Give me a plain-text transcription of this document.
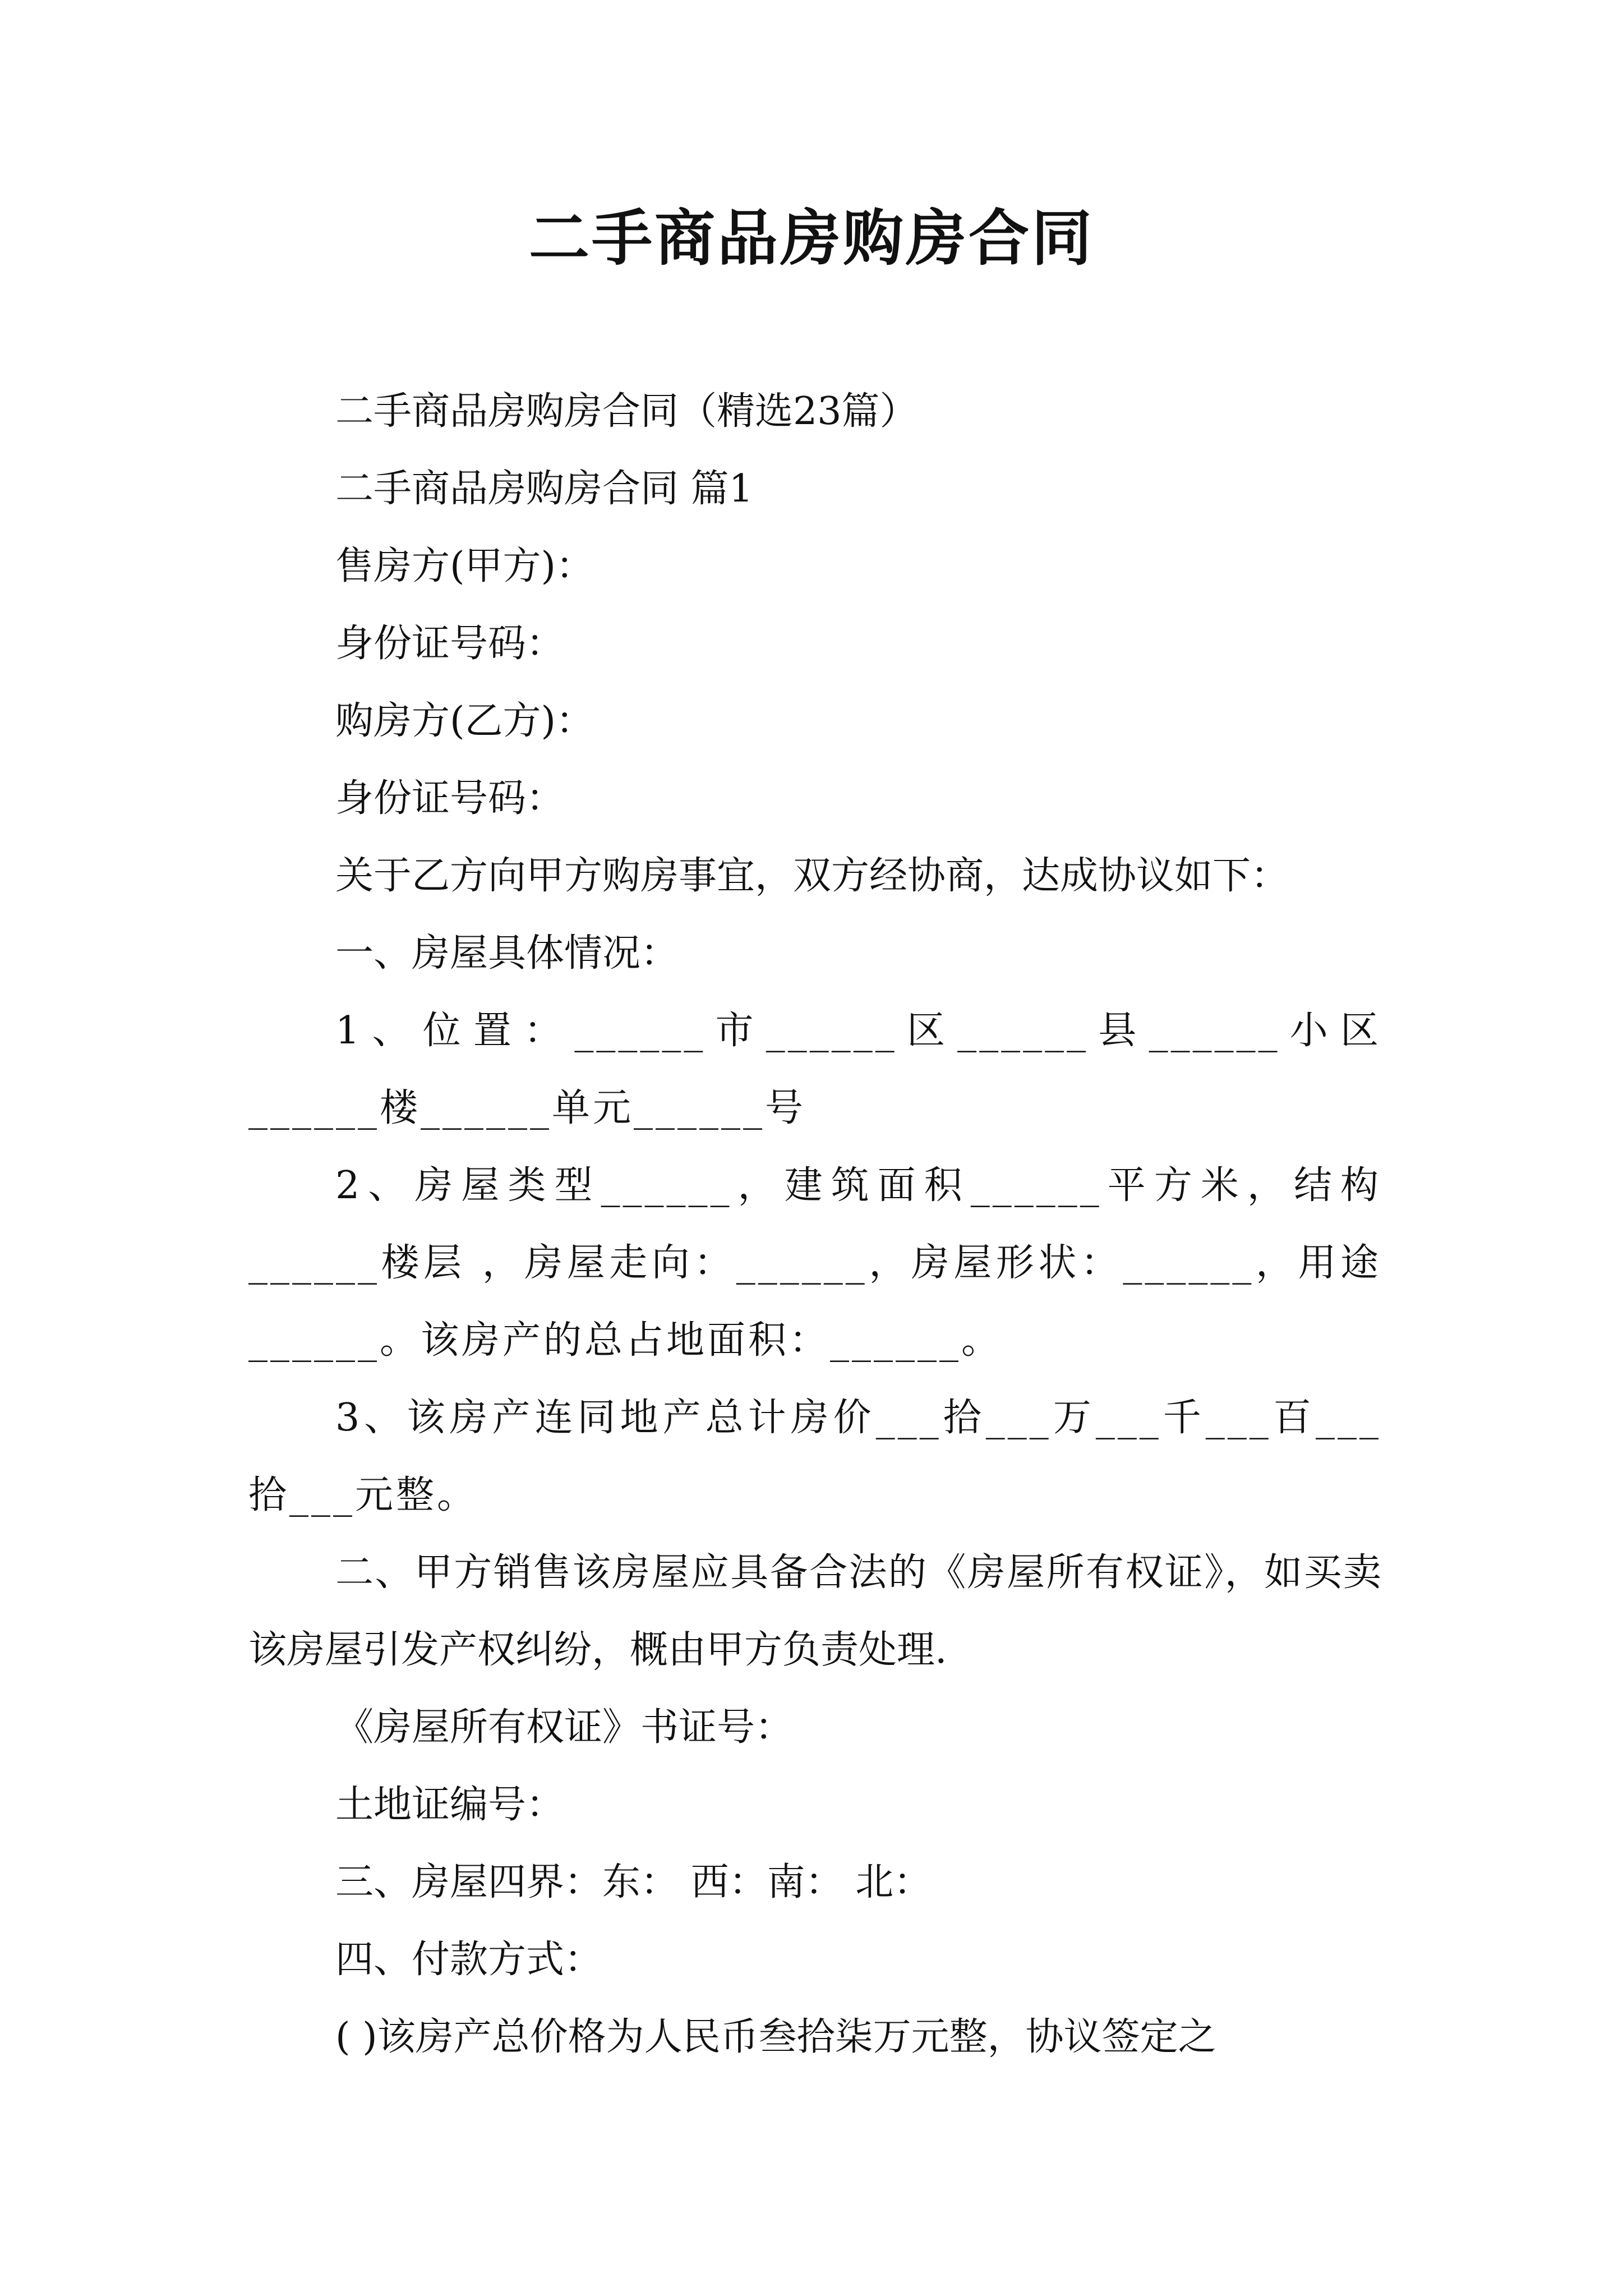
二手商品房购房合同

二手商品房购房合同（精选23篇）

二手商品房购房合同 篇1

售房方(甲方)：

身份证号码：

购房方(乙方)：

身份证号码：

关于乙方向甲方购房事宜，双方经协商，达成协议如下：

一、房屋具体情况：

1、位置：______市______区______县______小区______楼______单元______号

2、房屋类型______，建筑面积______平方米，结构______楼层 ，房屋走向：______，房屋形状：______，用途______。该房产的总占地面积：______。

3、该房产连同地产总计房价___拾___万___千___百___拾___元整。

二、甲方销售该房屋应具备合法的《房屋所有权证》，如买卖该房屋引发产权纠纷，概由甲方负责处理.

《房屋所有权证》书证号：

土地证编号：

三、房屋四界：东： 西：南： 北：

四、付款方式：

( )该房产总价格为人民币叁拾柒万元整，协议签定之
